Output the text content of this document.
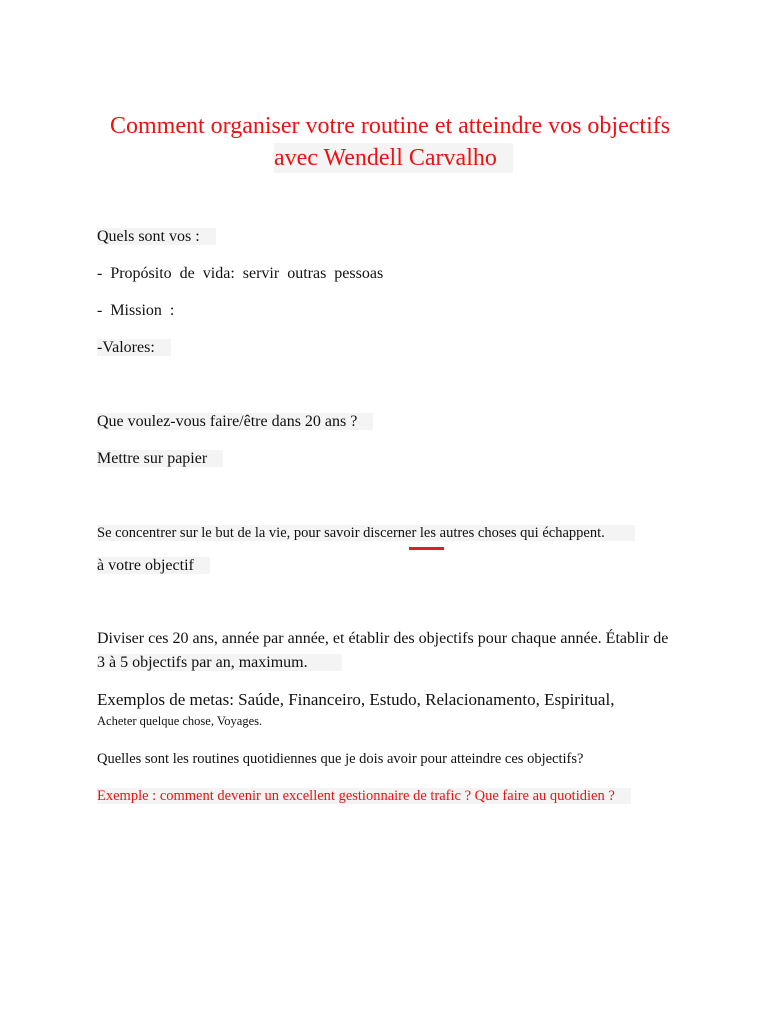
Comment organiser votre routine et atteindre vos objectifs
avec Wendell Carvalho
Quels sont vos :
-  Propósito  de  vida:  servir  outras  pessoas
-  Mission  :
-Valores:
Que voulez-vous faire/être dans 20 ans ?
Mettre sur papier
Se concentrer sur le but de la vie, pour savoir discerner les autres choses qui échappent.
à votre objectif
Diviser ces 20 ans, année par année, et établir des objectifs pour chaque année. Établir de
3 à 5 objectifs par an, maximum.
Exemplos de metas: Saúde, Financeiro, Estudo, Relacionamento, Espiritual,
Acheter quelque chose, Voyages.
Quelles sont les routines quotidiennes que je dois avoir pour atteindre ces objectifs?
Exemple : comment devenir un excellent gestionnaire de trafic ? Que faire au quotidien ?
